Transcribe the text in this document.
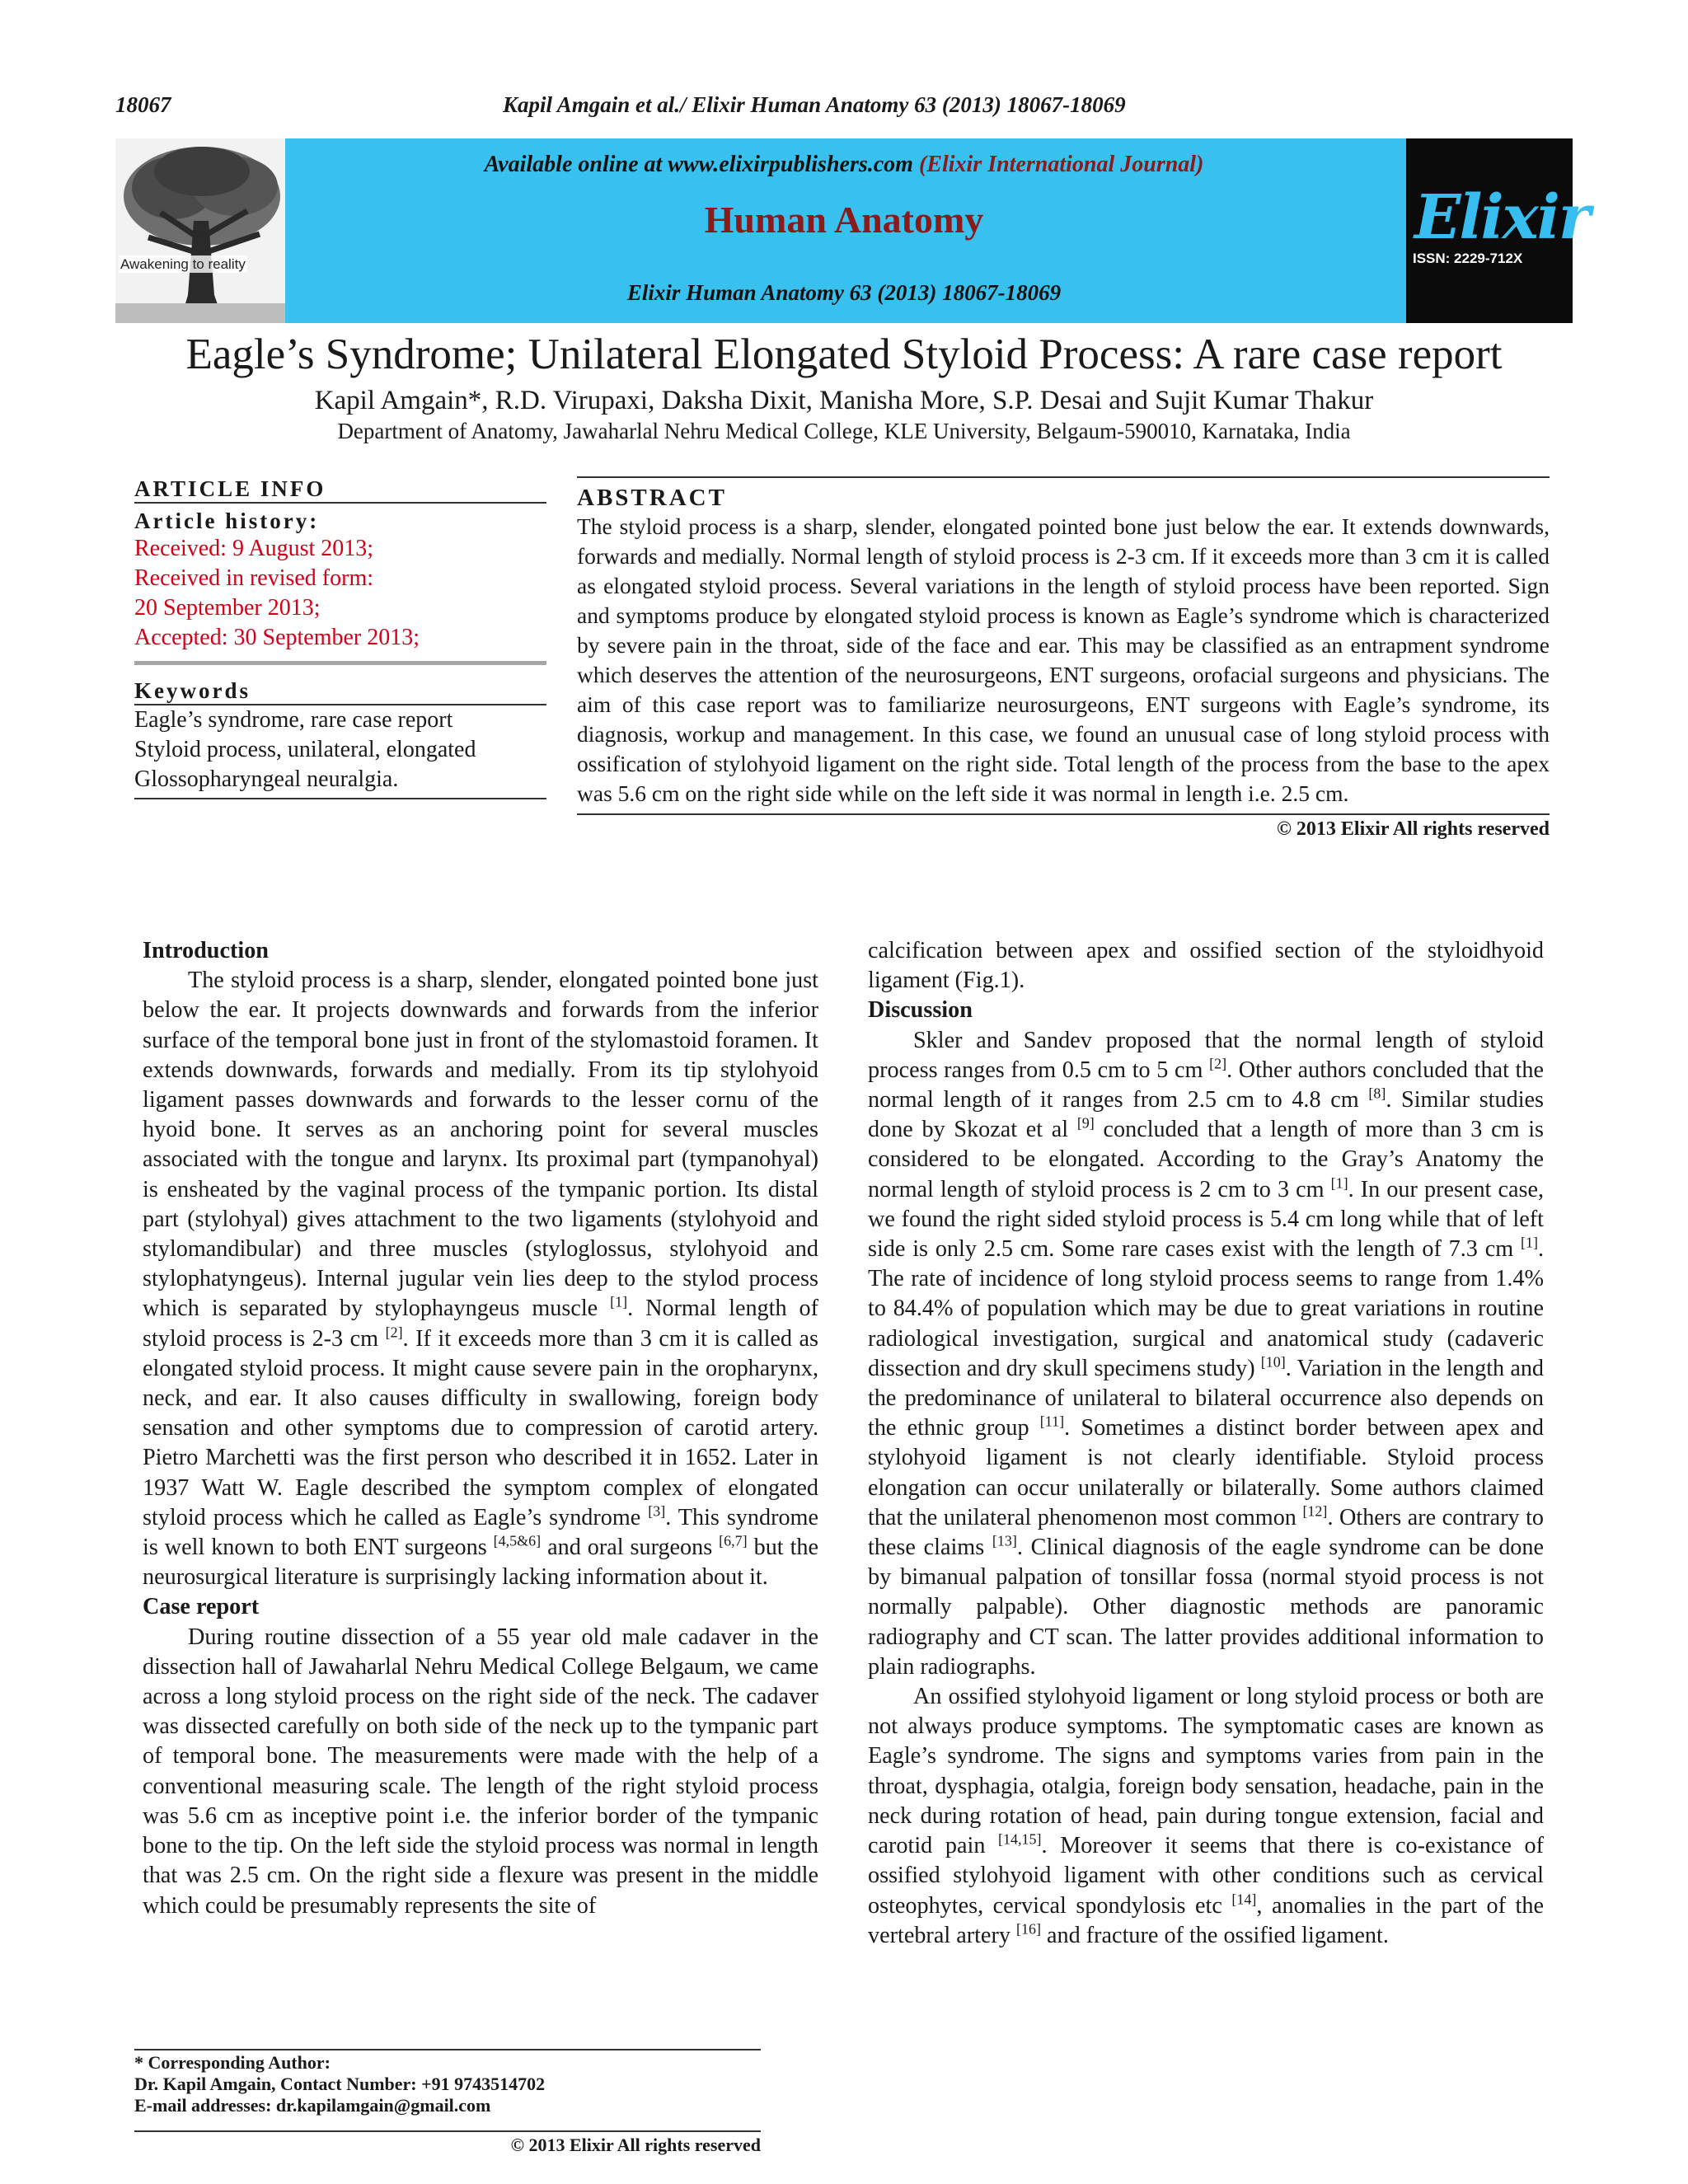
18067	Kapil Amgain et al./ Elixir Human Anatomy 63 (2013) 18067-18069
Awakening to reality
Available online at www.elixirpublishers.com (Elixir International Journal)
Human Anatomy
Elixir Human Anatomy 63 (2013) 18067-18069
Elixir
ISSN: 2229-712X
Eagle’s Syndrome; Unilateral Elongated Styloid Process: A rare case report
Kapil Amgain*, R.D. Virupaxi, Daksha Dixit, Manisha More, S.P. Desai and Sujit Kumar Thakur
Department of Anatomy, Jawaharlal Nehru Medical College, KLE University, Belgaum-590010, Karnataka, India
ARTICLE INFO
Article history:
Received: 9 August 2013;
Received in revised form:
20 September 2013;
Accepted: 30 September 2013;
Keywords
Eagle’s syndrome, rare case report
Styloid process, unilateral, elongated
Glossopharyngeal neuralgia.
ABSTRACT
The styloid process is a sharp, slender, elongated pointed bone just below the ear. It extends downwards, forwards and medially. Normal length of styloid process is 2-3 cm. If it exceeds more than 3 cm it is called as elongated styloid process. Several variations in the length of styloid process have been reported. Sign and symptoms produce by elongated styloid process is known as Eagle’s syndrome which is characterized by severe pain in the throat, side of the face and ear. This may be classified as an entrapment syndrome which deserves the attention of the neurosurgeons, ENT surgeons, orofacial surgeons and physicians. The aim of this case report was to familiarize neurosurgeons, ENT surgeons with Eagle’s syndrome, its diagnosis, workup and management. In this case, we found an unusual case of long styloid process with ossification of stylohyoid ligament on the right side. Total length of the process from the base to the apex was 5.6 cm on the right side while on the left side it was normal in length i.e. 2.5 cm.
© 2013 Elixir All rights reserved
Introduction

The styloid process is a sharp, slender, elongated pointed bone just below the ear. It projects downwards and forwards from the inferior surface of the temporal bone just in front of the stylomastoid foramen. It extends downwards, forwards and medially. From its tip stylohyoid ligament passes downwards and forwards to the lesser cornu of the hyoid bone. It serves as an anchoring point for several muscles associated with the tongue and larynx. Its proximal part (tympanohyal) is ensheated by the vaginal process of the tympanic portion. Its distal part (stylohyal) gives attachment to the two ligaments (stylohyoid and stylomandibular) and three muscles (styloglossus, stylohyoid and stylophatyngeus). Internal jugular vein lies deep to the stylod process which is separated by stylophayngeus muscle [1]. Normal length of styloid process is 2-3 cm [2]. If it exceeds more than 3 cm it is called as elongated styloid process. It might cause severe pain in the oropharynx, neck, and ear. It also causes difficulty in swallowing, foreign body sensation and other symptoms due to compression of carotid artery. Pietro Marchetti was the first person who described it in 1652. Later in 1937 Watt W. Eagle described the symptom complex of elongated styloid process which he called as Eagle’s syndrome [3]. This syndrome is well known to both ENT surgeons [4,5&6] and oral surgeons [6,7] but the neurosurgical literature is surprisingly lacking information about it.

Case report

During routine dissection of a 55 year old male cadaver in the dissection hall of Jawaharlal Nehru Medical College Belgaum, we came across a long styloid process on the right side of the neck. The cadaver was dissected carefully on both side of the neck up to the tympanic part of temporal bone. The measurements were made with the help of a conventional measuring scale. The length of the right styloid process was 5.6 cm as inceptive point i.e. the inferior border of the tympanic bone to the tip. On the left side the styloid process was normal in length that was 2.5 cm. On the right side a flexure was present in the middle which could be presumably represents the site of

calcification between apex and ossified section of the styloidhyoid ligament (Fig.1).

Discussion

Skler and Sandev proposed that the normal length of styloid process ranges from 0.5 cm to 5 cm [2]. Other authors concluded that the normal length of it ranges from 2.5 cm to 4.8 cm [8]. Similar studies done by Skozat et al [9] concluded that a length of more than 3 cm is considered to be elongated. According to the Gray’s Anatomy the normal length of styloid process is 2 cm to 3 cm [1]. In our present case, we found the right sided styloid process is 5.4 cm long while that of left side is only 2.5 cm. Some rare cases exist with the length of 7.3 cm [1]. The rate of incidence of long styloid process seems to range from 1.4% to 84.4% of population which may be due to great variations in routine radiological investigation, surgical and anatomical study (cadaveric dissection and dry skull specimens study) [10]. Variation in the length and the predominance of unilateral to bilateral occurrence also depends on the ethnic group [11]. Sometimes a distinct border between apex and stylohyoid ligament is not clearly identifiable. Styloid process elongation can occur unilaterally or bilaterally. Some authors claimed that the unilateral phenomenon most common [12]. Others are contrary to these claims [13]. Clinical diagnosis of the eagle syndrome can be done by bimanual palpation of tonsillar fossa (normal styoid process is not normally palpable). Other diagnostic methods are panoramic radiography and CT scan. The latter provides additional information to plain radiographs.

An ossified stylohyoid ligament or long styloid process or both are not always produce symptoms. The symptomatic cases are known as Eagle’s syndrome. The signs and symptoms varies from pain in the throat, dysphagia, otalgia, foreign body sensation, headache, pain in the neck during rotation of head, pain during tongue extension, facial and carotid pain [14,15]. Moreover it seems that there is co-existance of ossified stylohyoid ligament with other conditions such as cervical osteophytes, cervical spondylosis etc [14], anomalies in the part of the vertebral artery [16] and fracture of the ossified ligament.

* Corresponding Author:
Dr. Kapil Amgain, Contact Number: +91 9743514702
E-mail addresses: dr.kapilamgain@gmail.com
© 2013 Elixir All rights reserved
